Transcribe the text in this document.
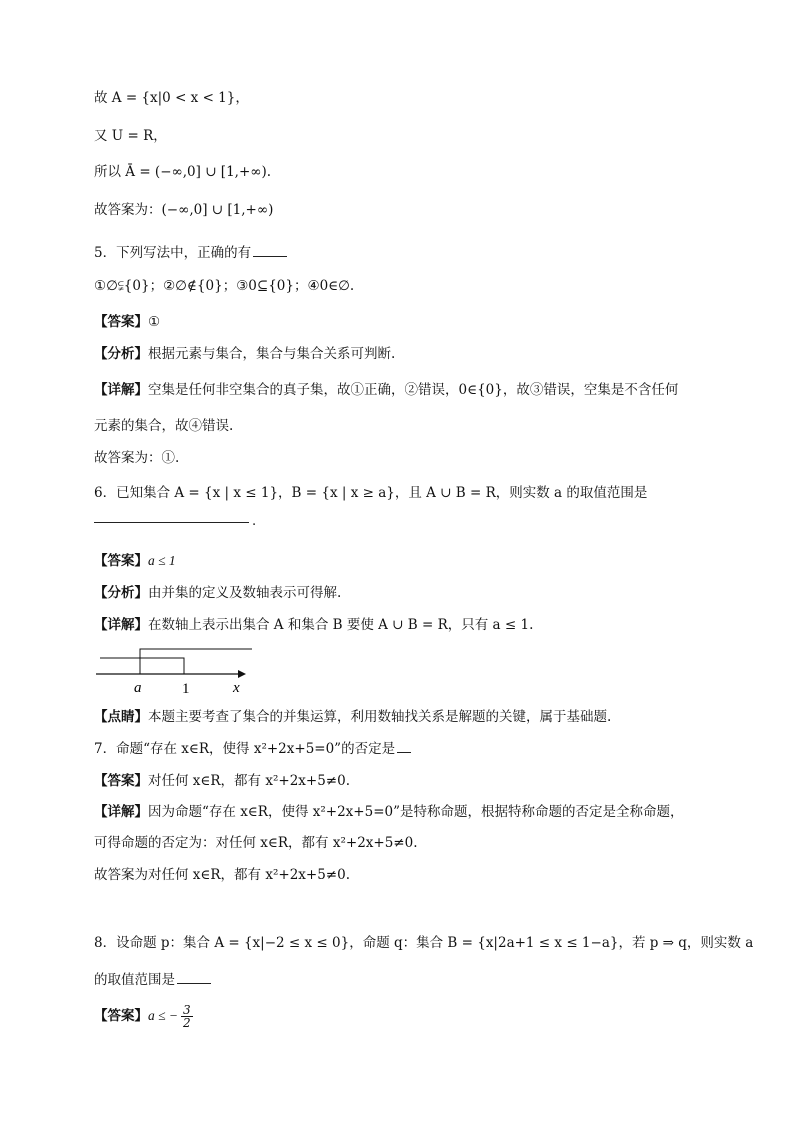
故 A = {x|0 < x < 1}，
又 U = R，
所以 Ā = (−∞,0] ∪ [1,+∞).
故答案为：(−∞,0] ∪ [1,+∞)
5．下列写法中，正确的有
①∅⫋{0}；②∅∉{0}；③0⊆{0}；④0∈∅.
【答案】①
【分析】根据元素与集合，集合与集合关系可判断.
【详解】空集是任何非空集合的真子集，故①正确，②错误，0∈{0}，故③错误，空集是不含任何
元素的集合，故④错误.
故答案为：①.
6．已知集合 A = {x | x ≤ 1}，B = {x | x ≥ a}，且 A ∪ B = R，则实数 a 的取值范围是
.
【答案】a ≤ 1
【分析】由并集的定义及数轴表示可得解.
【详解】在数轴上表示出集合 A 和集合 B 要使 A ∪ B = R，只有 a ≤ 1.
a	1	x
【点睛】本题主要考查了集合的并集运算，利用数轴找关系是解题的关键，属于基础题.
7．命题“存在 x∈R，使得 x²+2x+5=0”的否定是
【答案】对任何 x∈R，都有 x²+2x+5≠0.
【详解】因为命题“存在 x∈R，使得 x²+2x+5=0”是特称命题，根据特称命题的否定是全称命题，
可得命题的否定为：对任何 x∈R，都有 x²+2x+5≠0.
故答案为对任何 x∈R，都有 x²+2x+5≠0.
8．设命题 p：集合 A = {x|−2 ≤ x ≤ 0}，命题 q：集合 B = {x|2a+1 ≤ x ≤ 1−a}，若 p ⇒ q，则实数 a
的取值范围是
【答案】a ≤ − $\frac{3}{2}$
